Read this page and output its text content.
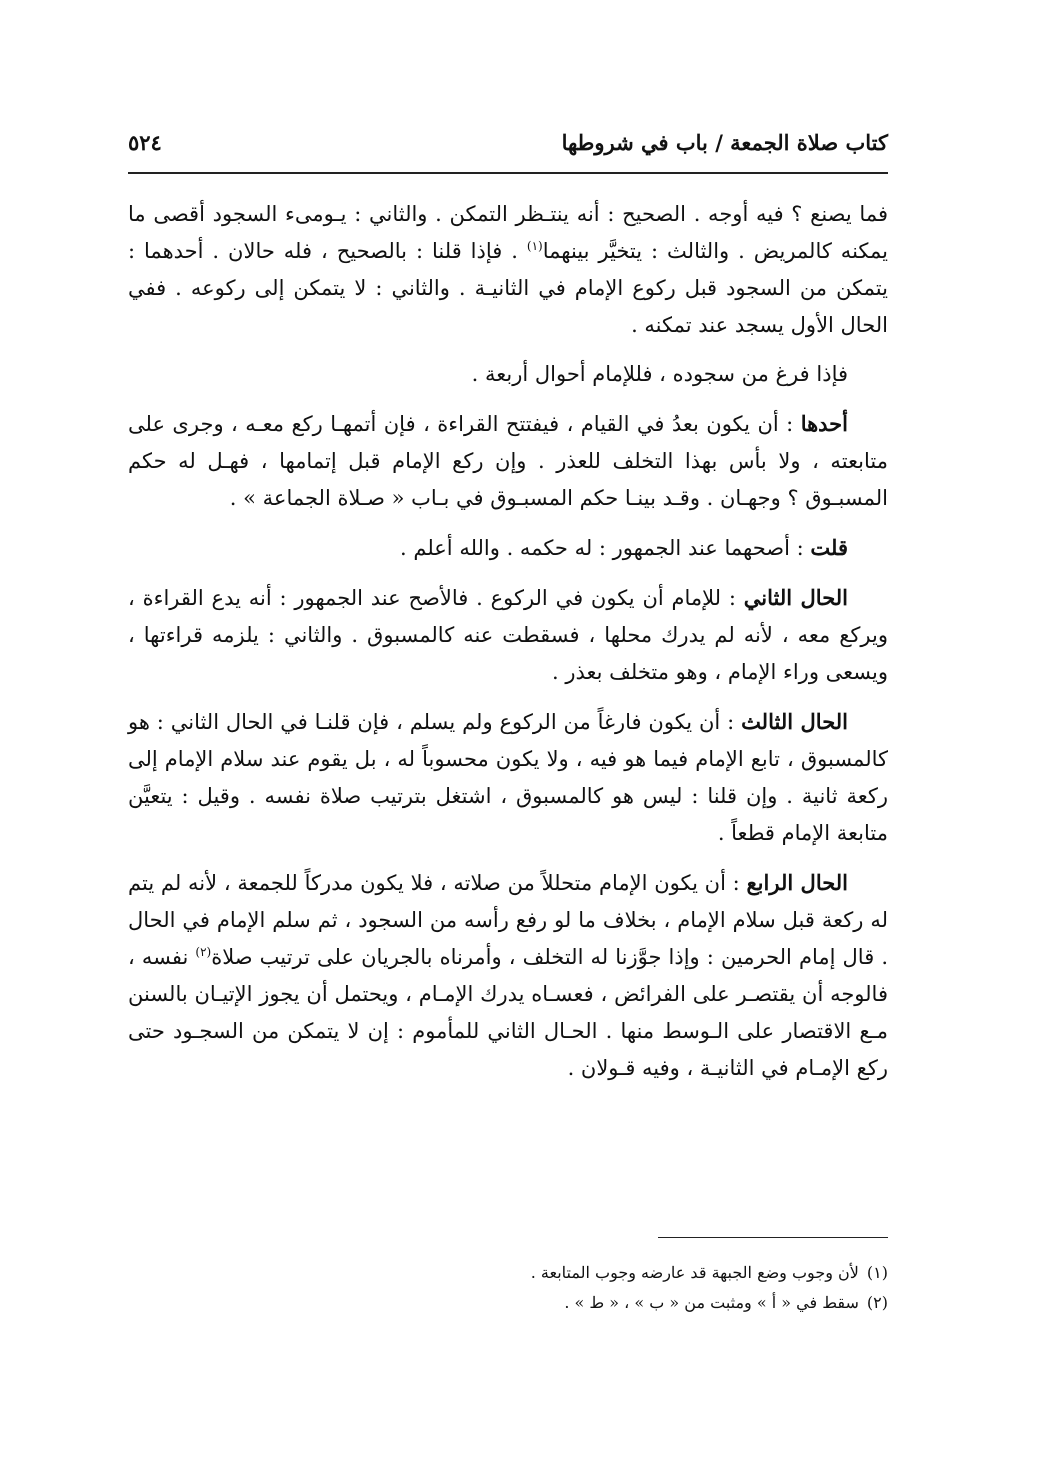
كتاب صلاة الجمعة / باب في شروطها
٥٢٤

فما يصنع ؟ فيه أوجه . الصحيح : أنه ينتـظر التمكن . والثاني : يـومىء السجود أقصى ما يمكنه كالمريض . والثالث : يتخيَّر بينهما$^{(١)}$ . فإذا قلنا : بالصحيح ، فله حالان . أحدهما : يتمكن من السجود قبل ركوع الإمام في الثانيـة . والثاني : لا يتمكن إلى ركوعه . ففي الحال الأول يسجد عند تمكنه .

فإذا فرغ من سجوده ، فللإمام أحوال أربعة .

أحدها : أن يكون بعدُ في القيام ، فيفتتح القراءة ، فإن أتمهـا ركع معـه ، وجرى على متابعته ، ولا بأس بهذا التخلف للعذر . وإن ركع الإمام قبل إتمامها ، فهـل له حكم المسبـوق ؟ وجهـان . وقـد بينـا حكم المسبـوق في بـاب « صـلاة الجماعة » .

قلت : أصحهما عند الجمهور : له حكمه . والله أعلم .

الحال الثاني : للإمام أن يكون في الركوع . فالأصح عند الجمهور : أنه يدع القراءة ، ويركع معه ، لأنه لم يدرك محلها ، فسقطت عنه كالمسبوق . والثاني : يلزمه قراءتها ، ويسعى وراء الإمام ، وهو متخلف بعذر .

الحال الثالث : أن يكون فارغاً من الركوع ولم يسلم ، فإن قلنـا في الحال الثاني : هو كالمسبوق ، تابع الإمام فيما هو فيه ، ولا يكون محسوباً له ، بل يقوم عند سلام الإمام إلى ركعة ثانية . وإن قلنا : ليس هو كالمسبوق ، اشتغل بترتيب صلاة نفسه . وقيل : يتعيَّن متابعة الإمام قطعاً .

الحال الرابع : أن يكون الإمام متحللاً من صلاته ، فلا يكون مدركاً للجمعة ، لأنه لم يتم له ركعة قبل سلام الإمام ، بخلاف ما لو رفع رأسه من السجود ، ثم سلم الإمام في الحال . قال إمام الحرمين : وإذا جوَّزنا له التخلف ، وأمرناه بالجريان على ترتيب صلاة$^{(٢)}$ نفسه ، فالوجه أن يقتصـر على الفرائض ، فعسـاه يدرك الإمـام ، ويحتمل أن يجوز الإتيـان بالسنن مـع الاقتصار على الـوسط منها . الحـال الثاني للمأموم : إن لا يتمكن من السجـود حتى ركع الإمـام في الثانيـة ، وفيه قـولان .

(١)لأن وجوب وضع الجبهة قد عارضه وجوب المتابعة .

(٢)سقط في « أ » ومثبت من « ب » ، « ط » .
